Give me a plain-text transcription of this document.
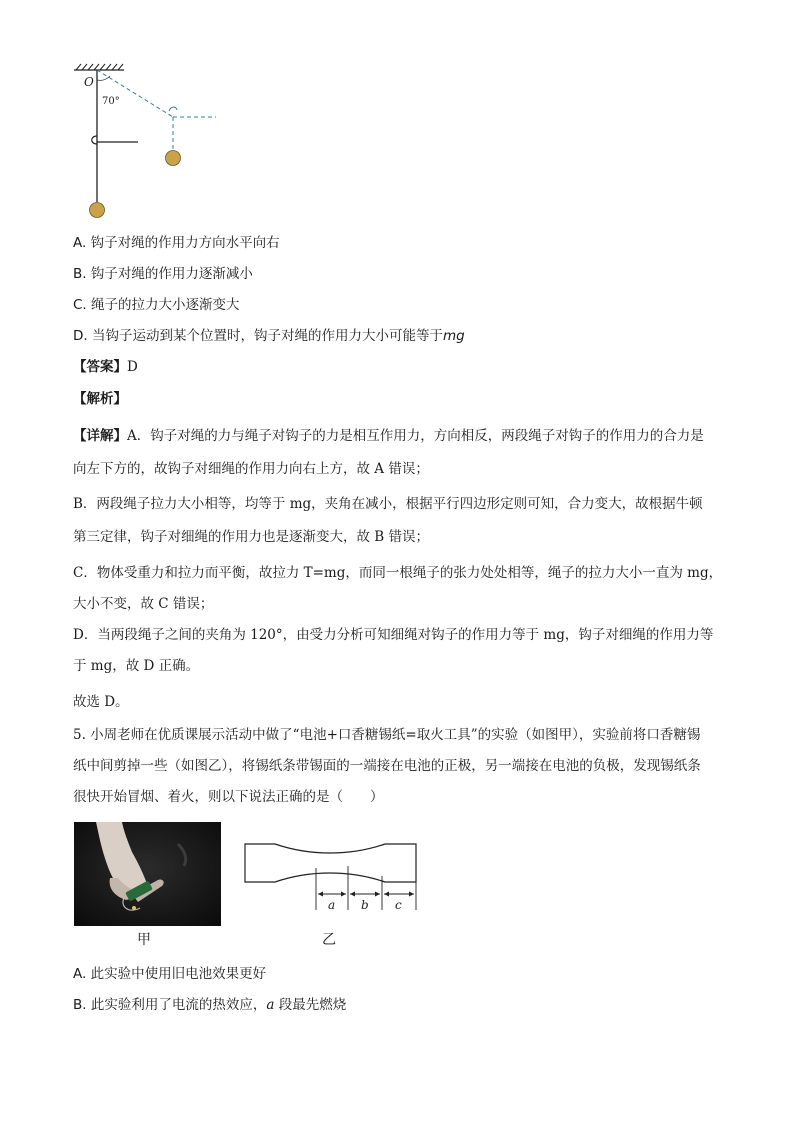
O
70°
A. 钩子对绳的作用力方向水平向右
B. 钩子对绳的作用力逐渐减小
C. 绳子的拉力大小逐渐变大
D. 当钩子运动到某个位置时，钩子对绳的作用力大小可能等于mg
【答案】D
【解析】
【详解】A．钩子对绳的力与绳子对钩子的力是相互作用力，方向相反，两段绳子对钩子的作用力的合力是
向左下方的，故钩子对细绳的作用力向右上方，故 A 错误；
B．两段绳子拉力大小相等，均等于 mg，夹角在减小，根据平行四边形定则可知，合力变大，故根据牛顿
第三定律，钩子对细绳的作用力也是逐渐变大，故 B 错误；
C．物体受重力和拉力而平衡，故拉力 T=mg，而同一根绳子的张力处处相等，绳子的拉力大小一直为 mg，
大小不变，故 C 错误；
D．当两段绳子之间的夹角为 120°，由受力分析可知细绳对钩子的作用力等于 mg，钩子对细绳的作用力等
于 mg，故 D 正确。
故选 D。
5. 小周老师在优质课展示活动中做了“电池+口香糖锡纸=取火工具”的实验（如图甲），实验前将口香糖锡
纸中间剪掉一些（如图乙），将锡纸条带锡面的一端接在电池的正极，另一端接在电池的负极，发现锡纸条
很快开始冒烟、着火，则以下说法正确的是（　　）
甲
a b c
乙
A. 此实验中使用旧电池效果更好
B. 此实验利用了电流的热效应，a 段最先燃烧
